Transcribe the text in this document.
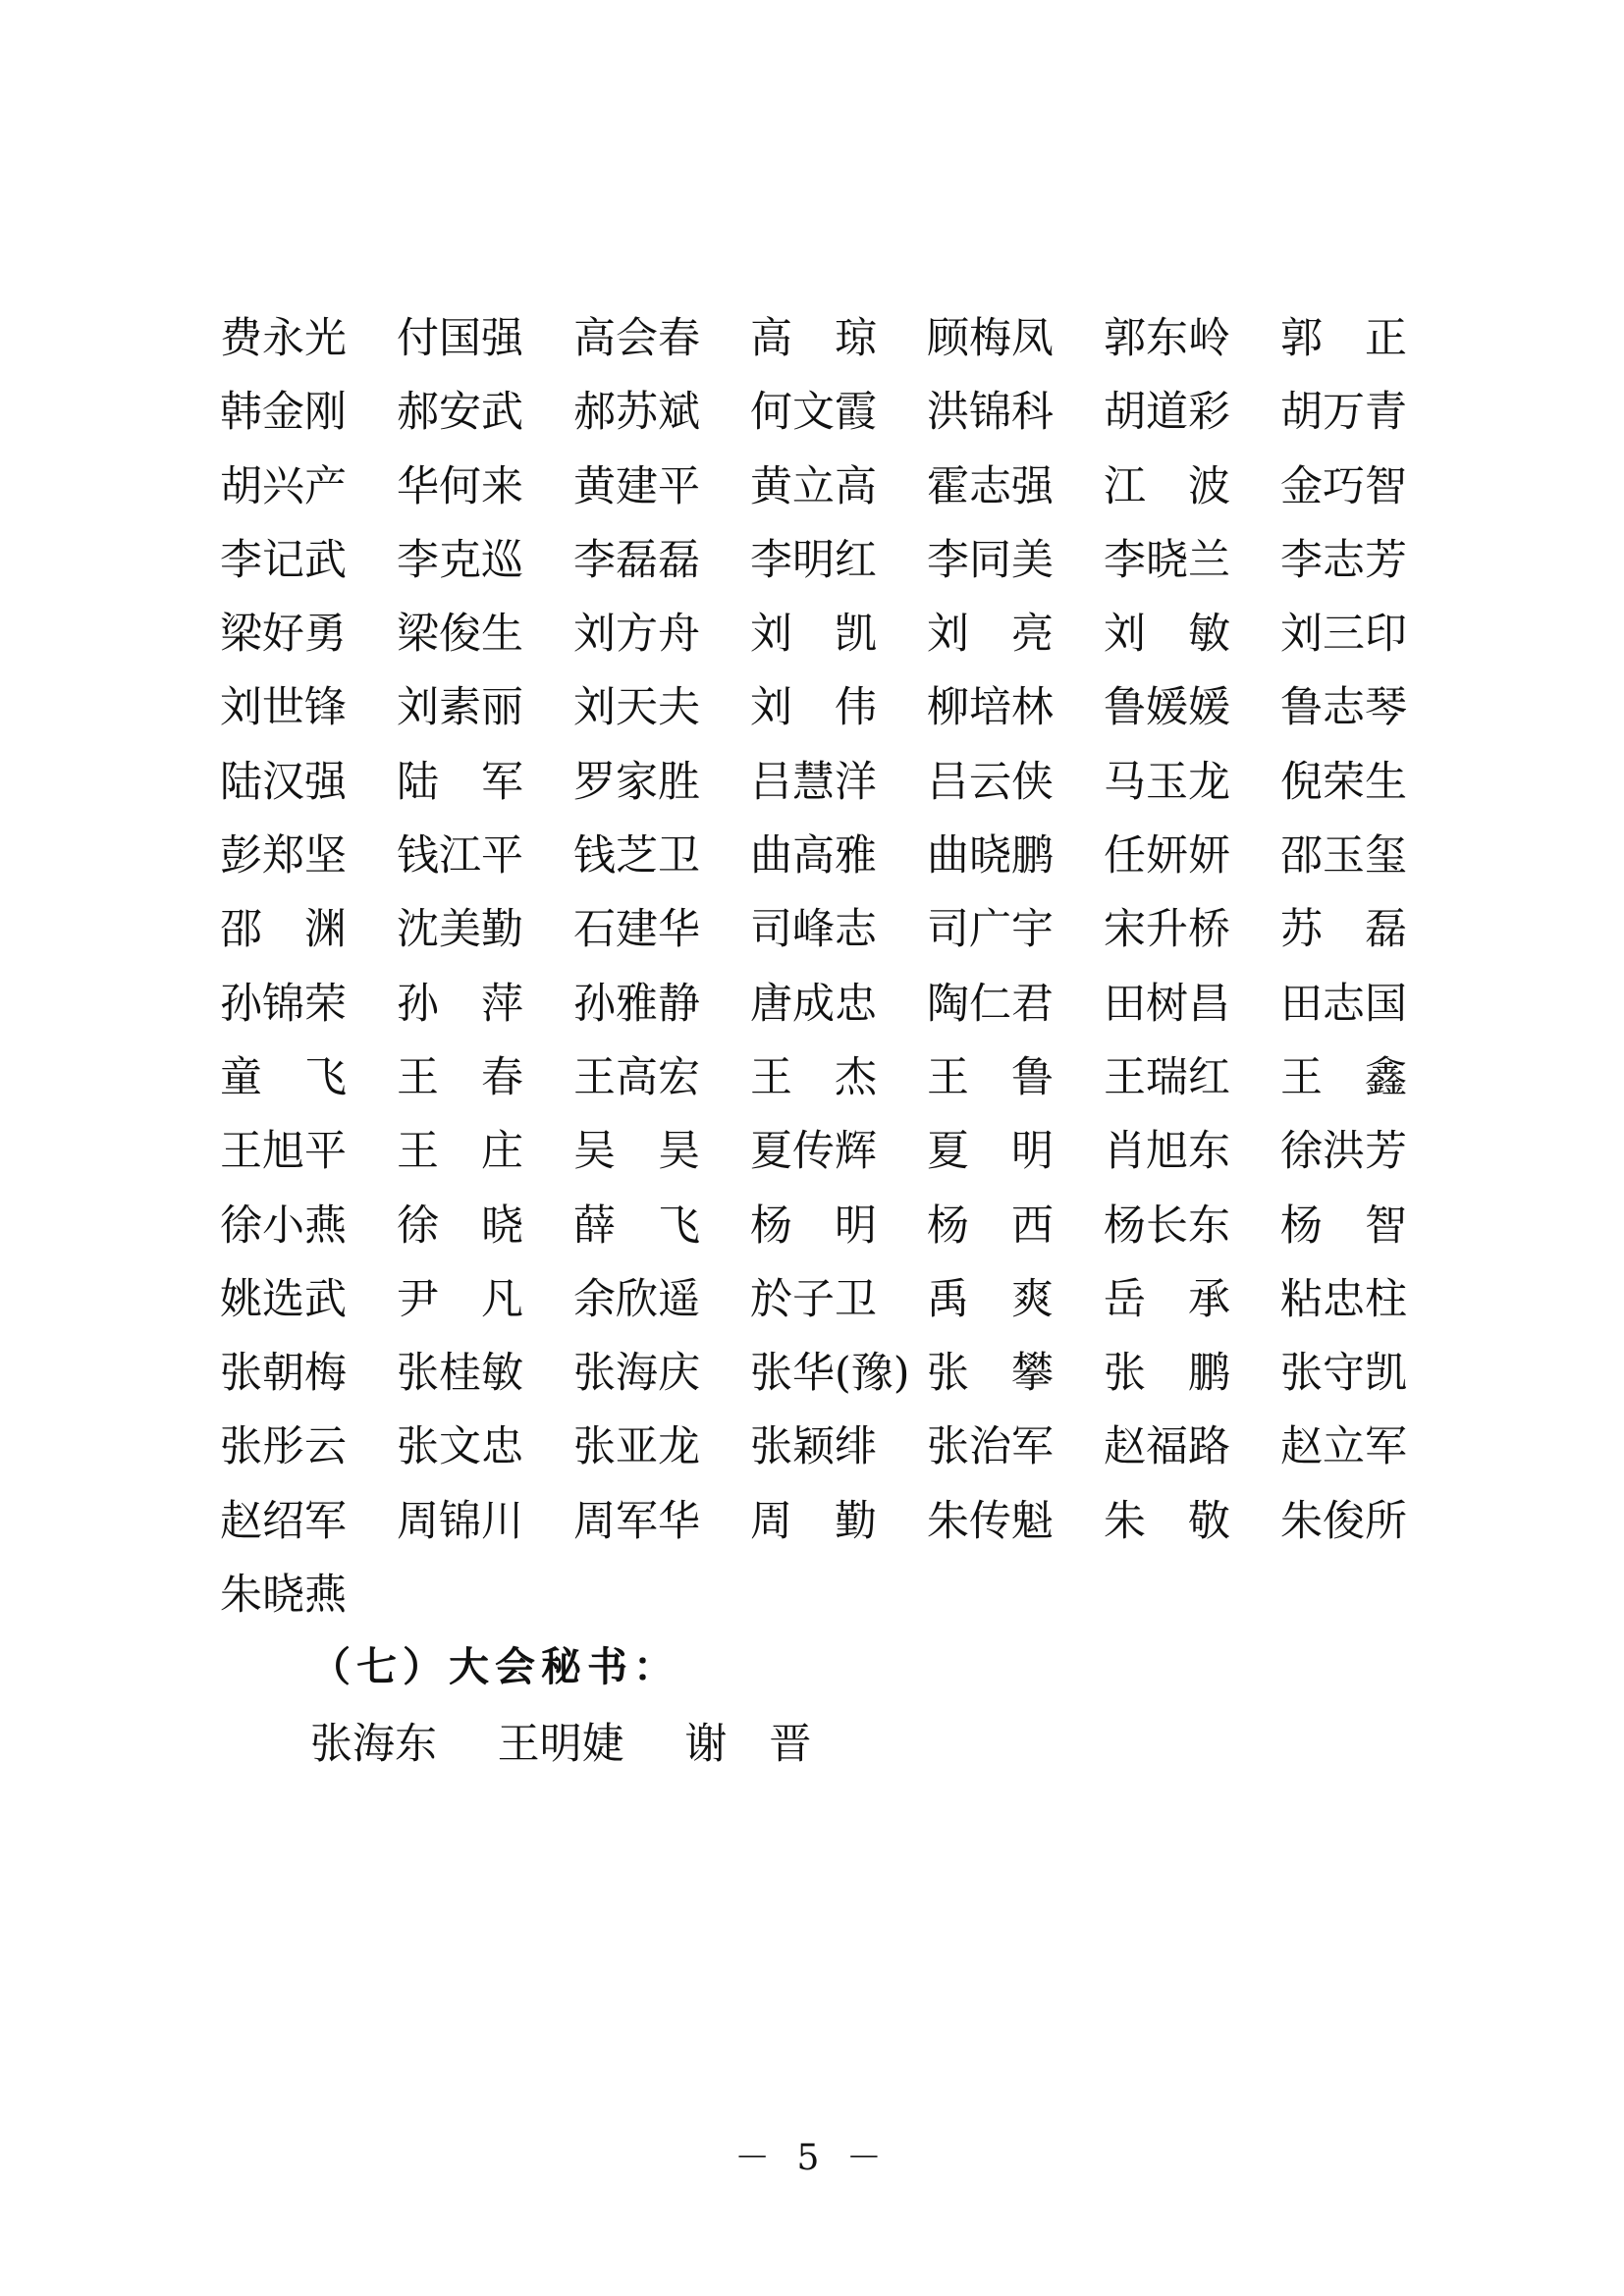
费永光 付国强 高会春 高　琼 顾梅凤 郭东岭 郭　正
韩金刚 郝安武 郝苏斌 何文霞 洪锦科 胡道彩 胡万青
胡兴产 华何来 黄建平 黄立高 霍志强 江　波 金巧智
李记武 李克巡 李磊磊 李明红 李同美 李晓兰 李志芳
梁好勇 梁俊生 刘方舟 刘　凯 刘　亮 刘　敏 刘三印
刘世锋 刘素丽 刘天夫 刘　伟 柳培林 鲁媛媛 鲁志琴
陆汉强 陆　军 罗家胜 吕慧洋 吕云侠 马玉龙 倪荣生
彭郑坚 钱江平 钱芝卫 曲高雅 曲晓鹏 任妍妍 邵玉玺
邵　渊 沈美勤 石建华 司峰志 司广宇 宋升桥 苏　磊
孙锦荣 孙　萍 孙雅静 唐成忠 陶仁君 田树昌 田志国
童　飞 王　春 王高宏 王　杰 王　鲁 王瑞红 王　鑫
王旭平 王　庄 吴　昊 夏传辉 夏　明 肖旭东 徐洪芳
徐小燕 徐　晓 薛　飞 杨　明 杨　西 杨长东 杨　智
姚选武 尹　凡 余欣遥 於子卫 禹　爽 岳　承 粘忠柱
张朝梅 张桂敏 张海庆 张华(豫) 张　攀 张　鹏 张守凯
张彤云 张文忠 张亚龙 张颖绯 张治军 赵福路 赵立军
赵绍军 周锦川 周军华 周　勤 朱传魁 朱　敬 朱俊所
朱晓燕
（七）大会秘书：
张海东 王明婕 谢　晋
－ 5 －
